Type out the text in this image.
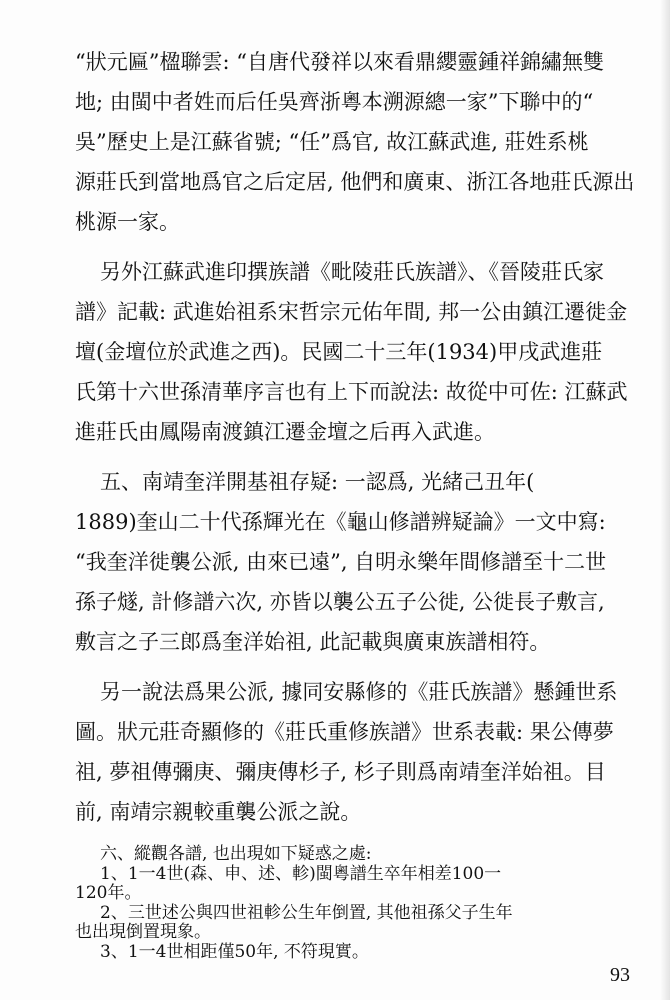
“狀元匾”楹聯雲: “自唐代發祥以來看鼎纓靈鍾祥錦繡無雙
地; 由閩中者姓而后任吳齊浙粵本溯源總一家”下聯中的“
吳”歷史上是江蘇省號; “任”爲官, 故江蘇武進, 莊姓系桃
源莊氏到當地爲官之后定居, 他們和廣東、浙江各地莊氏源出
桃源一家。
另外江蘇武進印撰族譜《毗陵莊氏族譜》、《晉陵莊氏家
譜》記載: 武進始祖系宋哲宗元佑年間, 邦一公由鎮江遷徙金
壇(金壇位於武進之西)。民國二十三年(1934)甲戌武進莊
氏第十六世孫清華序言也有上下而說法: 故從中可佐: 江蘇武
進莊氏由鳳陽南渡鎮江遷金壇之后再入武進。
五、南靖奎洋開基祖存疑: 一認爲, 光緒己丑年(
1889)奎山二十代孫輝光在《龜山修譜辨疑論》一文中寫:
“我奎洋徙襲公派, 由來已遠”, 自明永樂年間修譜至十二世
孫子燧, 計修譜六次, 亦皆以襲公五子公徙, 公徙長子敷言,
敷言之子三郎爲奎洋始祖, 此記載與廣東族譜相符。
另一說法爲果公派, 據同安縣修的《莊氏族譜》懸鍾世系
圖。狀元莊奇顯修的《莊氏重修族譜》世系表載: 果公傳夢
祖, 夢祖傳彌庚、彌庚傳杉子, 杉子則爲南靖奎洋始祖。目
前, 南靖宗親較重襲公派之說。
六、縱觀各譜, 也出現如下疑惑之處:
1、1一4世(森、申、述、軫)閩粵譜生卒年相差100一
120年。
2、三世述公與四世祖軫公生年倒置, 其他祖孫父子生年
也出現倒置現象。
3、1一4世相距僅50年, 不符現實。
93
